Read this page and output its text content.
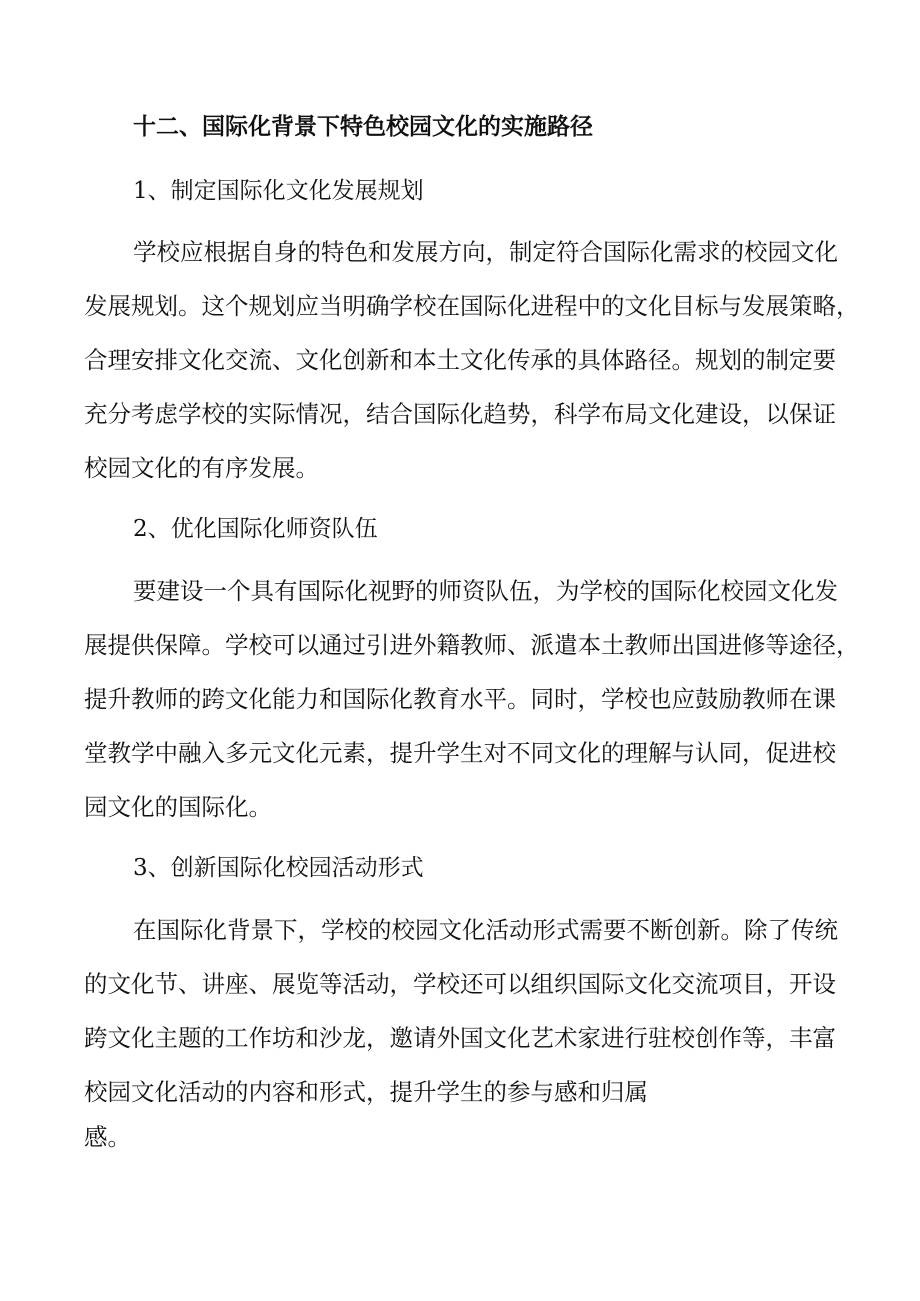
十二、国际化背景下特色校园文化的实施路径
1、制定国际化文化发展规划
学校应根据自身的特色和发展方向，制定符合国际化需求的校园文化
发展规划。这个规划应当明确学校在国际化进程中的文化目标与发展策略，
合理安排文化交流、文化创新和本土文化传承的具体路径。规划的制定要
充分考虑学校的实际情况，结合国际化趋势，科学布局文化建设，以保证
校园文化的有序发展。
2、优化国际化师资队伍
要建设一个具有国际化视野的师资队伍，为学校的国际化校园文化发
展提供保障。学校可以通过引进外籍教师、派遣本土教师出国进修等途径，
提升教师的跨文化能力和国际化教育水平。同时，学校也应鼓励教师在课
堂教学中融入多元文化元素，提升学生对不同文化的理解与认同，促进校
园文化的国际化。
3、创新国际化校园活动形式
在国际化背景下，学校的校园文化活动形式需要不断创新。除了传统
的文化节、讲座、展览等活动，学校还可以组织国际文化交流项目，开设
跨文化主题的工作坊和沙龙，邀请外国文化艺术家进行驻校创作等，丰富
校园文化活动的内容和形式，提升学生的参与感和归属
感。
